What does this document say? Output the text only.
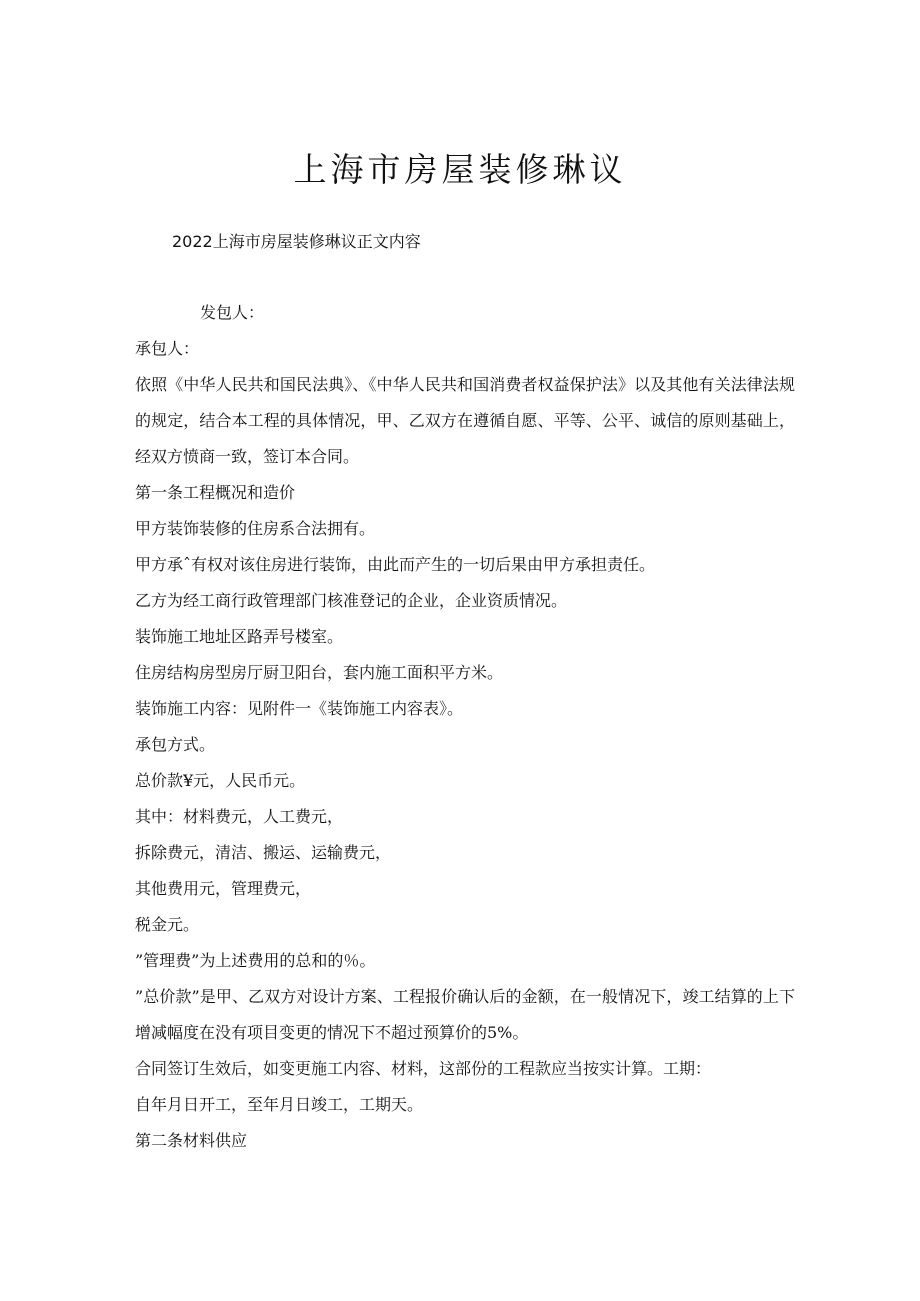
上海市房屋装修琳议
2022上海市房屋装修琳议正文内容
发包人：
承包人：
依照《中华人民共和国民法典》、《中华人民共和国消费者权益保护法》以及其他有关法律法规的规定，结合本工程的具体情况，甲、乙双方在遵循自愿、平等、公平、诚信的原则基础上，经双方愤商一致，签订本合同。
第一条工程概况和造价
甲方装饰装修的住房系合法拥有。
甲方承ˆ有权对该住房进行装饰，由此而产生的一切后果由甲方承担责任。
乙方为经工商行政管理部门核准登记的企业，企业资质情况。
装饰施工地址区路弄号楼室。
住房结构房型房厅厨卫阳台，套内施工面积平方米。
装饰施工内容：见附件一《装饰施工内容表》。
承包方式。
总价款¥元，人民币元。
其中：材料费元，人工费元，
拆除费元，清洁、搬运、运输费元，
其他费用元，管理费元，
税金元。
”管理费”为上述费用的总和的％。
”总价款”是甲、乙双方对设计方案、工程报价确认后的金额，在一般情况下，竣工结算的上下增减幅度在没有项目变更的情况下不超过预算价的5%。
合同签订生效后，如变更施工内容、材料，这部份的工程款应当按实计算。工期：
自年月日开工，至年月日竣工，工期天。
第二条材料供应
